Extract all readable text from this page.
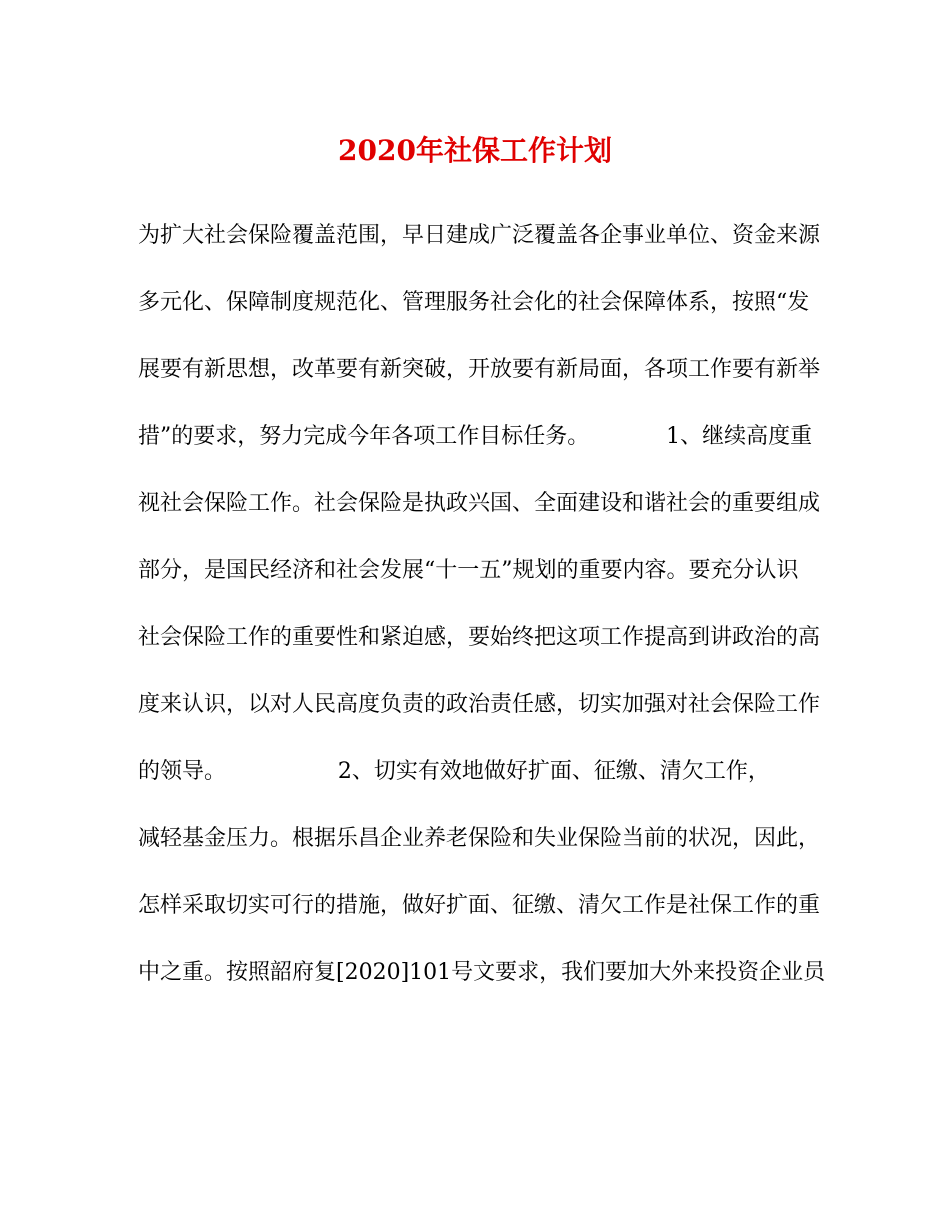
2020年社保工作计划
为扩大社会保险覆盖范围，早日建成广泛覆盖各企事业单位、资金来源
多元化、保障制度规范化、管理服务社会化的社会保障体系，按照“发
展要有新思想，改革要有新突破，开放要有新局面，各项工作要有新举
措”的要求，努力完成今年各项工作目标任务。           1、继续高度重
视社会保险工作。社会保险是执政兴国、全面建设和谐社会的重要组成
部分，是国民经济和社会发展“十一五”规划的重要内容。要充分认识
社会保险工作的重要性和紧迫感，要始终把这项工作提高到讲政治的高
度来认识，以对人民高度负责的政治责任感，切实加强对社会保险工作
的领导。                2、切实有效地做好扩面、征缴、清欠工作，
减轻基金压力。根据乐昌企业养老保险和失业保险当前的状况，因此，
怎样采取切实可行的措施，做好扩面、征缴、清欠工作是社保工作的重
中之重。按照韶府复[2020]101号文要求，我们要加大外来投资企业员
